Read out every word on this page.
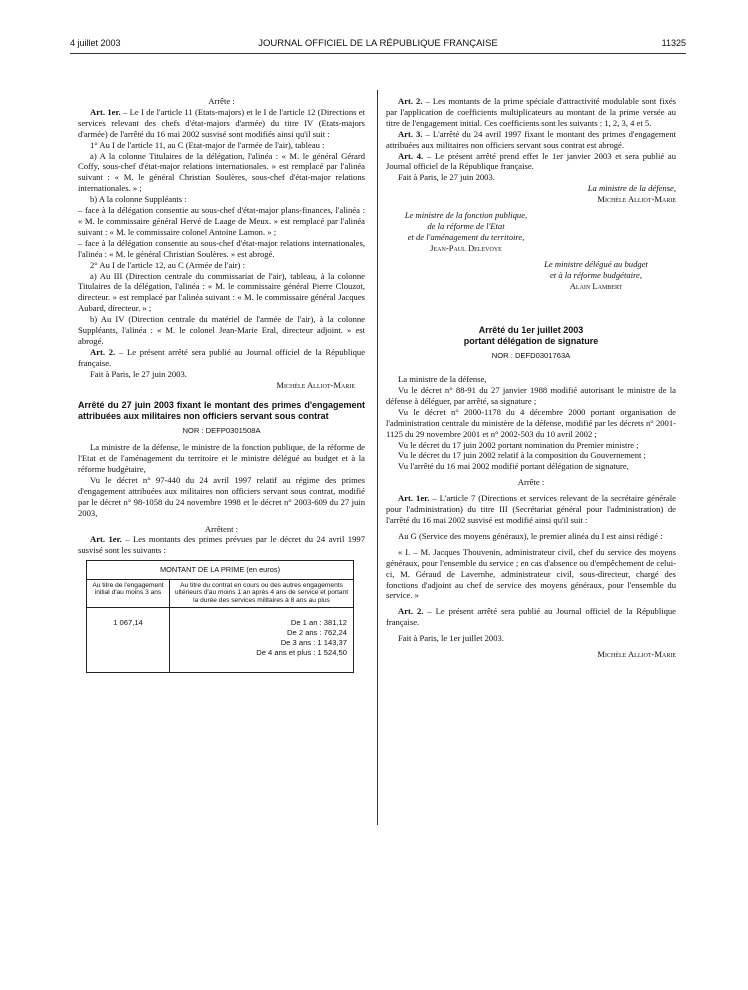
4 juillet 2003	JOURNAL OFFICIEL DE LA RÉPUBLIQUE FRANÇAISE	11325

Arrête :

Art. 1er. – Le I de l'article 11 (Etats-majors) et le I de l'article 12 (Directions et services relevant des chefs d'état-majors d'armée) du titre IV (Etats-majors d'armée) de l'arrêté du 16 mai 2002 susvisé sont modifiés ainsi qu'il suit :

1° Au I de l'article 11, au C (Etat-major de l'armée de l'air), tableau :

a) A la colonne Titulaires de la délégation, l'alinéa : « M. le général Gérard Coffy, sous-chef d'état-major relations internationales. » est remplacé par l'alinéa suivant : « M. le général Christian Soulères, sous-chef d'état-major relations internationales. » ;

b) A la colonne Suppléants :

– face à la délégation consentie au sous-chef d'état-major plans-finances, l'alinéa : « M. le commissaire général Hervé de Laage de Meux. » est remplacé par l'alinéa suivant : « M. le commissaire colonel Antoine Lamon. » ;

– face à la délégation consentie au sous-chef d'état-major relations internationales, l'alinéa : « M. le général Christian Soulères. » est abrogé.

2° Au I de l'article 12, au C (Armée de l'air) :

a) Au III (Direction centrale du commissariat de l'air), tableau, à la colonne Titulaires de la délégation, l'alinéa : « M. le commissaire général Pierre Clouzot, directeur. » est remplacé par l'alinéa suivant : « M. le commissaire général Jacques Aubard, directeur. » ;

b) Au IV (Direction centrale du matériel de l'armée de l'air), à la colonne Suppléants, l'alinéa : « M. le colonel Jean-Marie Eral, directeur adjoint. » est abrogé.

Art. 2. – Le présent arrêté sera publié au Journal officiel de la République française.

Fait à Paris, le 27 juin 2003.

Michèle Alliot-Marie

Arrêté du 27 juin 2003 fixant le montant des primes d'engagement attribuées aux militaires non officiers servant sous contrat

NOR : DEFP0301508A

La ministre de la défense, le ministre de la fonction publique, de la réforme de l'Etat et de l'aménagement du territoire et le ministre délégué au budget et à la réforme budgétaire,

Vu le décret n° 97-440 du 24 avril 1997 relatif au régime des primes d'engagement attribuées aux militaires non officiers servant sous contrat, modifié par le décret n° 98-1058 du 24 novembre 1998 et le décret n° 2003-609 du 27 juin 2003,

Arrêtent :

Art. 1er. – Les montants des primes prévues par le décret du 24 avril 1997 susvisé sont les suivants :

MONTANT DE LA PRIME (en euros)	
Au titre de l'engagement initial d'au moins 3 ans	Au titre du contrat en cours ou des autres engagements ultérieurs d'au moins 1 an après 4 ans de service et portant la durée des services militaires à 8 ans au plus
1 067,14	De 1 an : 381,12
De 2 ans : 762,24
De 3 ans : 1 143,37
De 4 ans et plus : 1 524,50

Art. 2. – Les montants de la prime spéciale d'attractivité modulable sont fixés par l'application de coefficients multiplicateurs au montant de la prime versée au titre de l'engagement initial. Ces coefficients sont les suivants : 1, 2, 3, 4 et 5.

Art. 3. – L'arrêté du 24 avril 1997 fixant le montant des primes d'engagement attribuées aux militaires non officiers servant sous contrat est abrogé.

Art. 4. – Le présent arrêté prend effet le 1er janvier 2003 et sera publié au Journal officiel de la République française.

Fait à Paris, le 27 juin 2003.

La ministre de la défense,

Michèle Alliot-Marie

Le ministre de la fonction publique,
de la réforme de l'Etat
et de l'aménagement du territoire,
Jean-Paul Delevoye
Le ministre délégué au budget
et à la réforme budgétaire,
Alain Lambert

Arrêté du 1er juillet 2003

portant délégation de signature

NOR : DEFD0301763A

La ministre de la défense,

Vu le décret n° 88-91 du 27 janvier 1988 modifié autorisant le ministre de la défense à déléguer, par arrêté, sa signature ;

Vu le décret n° 2000-1178 du 4 décembre 2000 portant organisation de l'administration centrale du ministère de la défense, modifié par les décrets n° 2001-1125 du 29 novembre 2001 et n° 2002-503 du 10 avril 2002 ;

Vu le décret du 17 juin 2002 portant nomination du Premier ministre ;

Vu le décret du 17 juin 2002 relatif à la composition du Gouvernement ;

Vu l'arrêté du 16 mai 2002 modifié portant délégation de signature,

Arrête :

Art. 1er. – L'article 7 (Directions et services relevant de la secrétaire générale pour l'administration) du titre III (Secrétariat général pour l'administration) de l'arrêté du 16 mai 2002 susvisé est modifié ainsi qu'il suit :

Au G (Service des moyens généraux), le premier alinéa du I est ainsi rédigé :

« I. – M. Jacques Thouvenin, administrateur civil, chef du service des moyens généraux, pour l'ensemble du service ; en cas d'absence ou d'empêchement de celui-ci, M. Géraud de Lavernhe, administrateur civil, sous-directeur, chargé des fonctions d'adjoint au chef de service des moyens généraux, pour l'ensemble du service. »

Art. 2. – Le présent arrêté sera publié au Journal officiel de la République française.

Fait à Paris, le 1er juillet 2003.

Michèle Alliot-Marie
